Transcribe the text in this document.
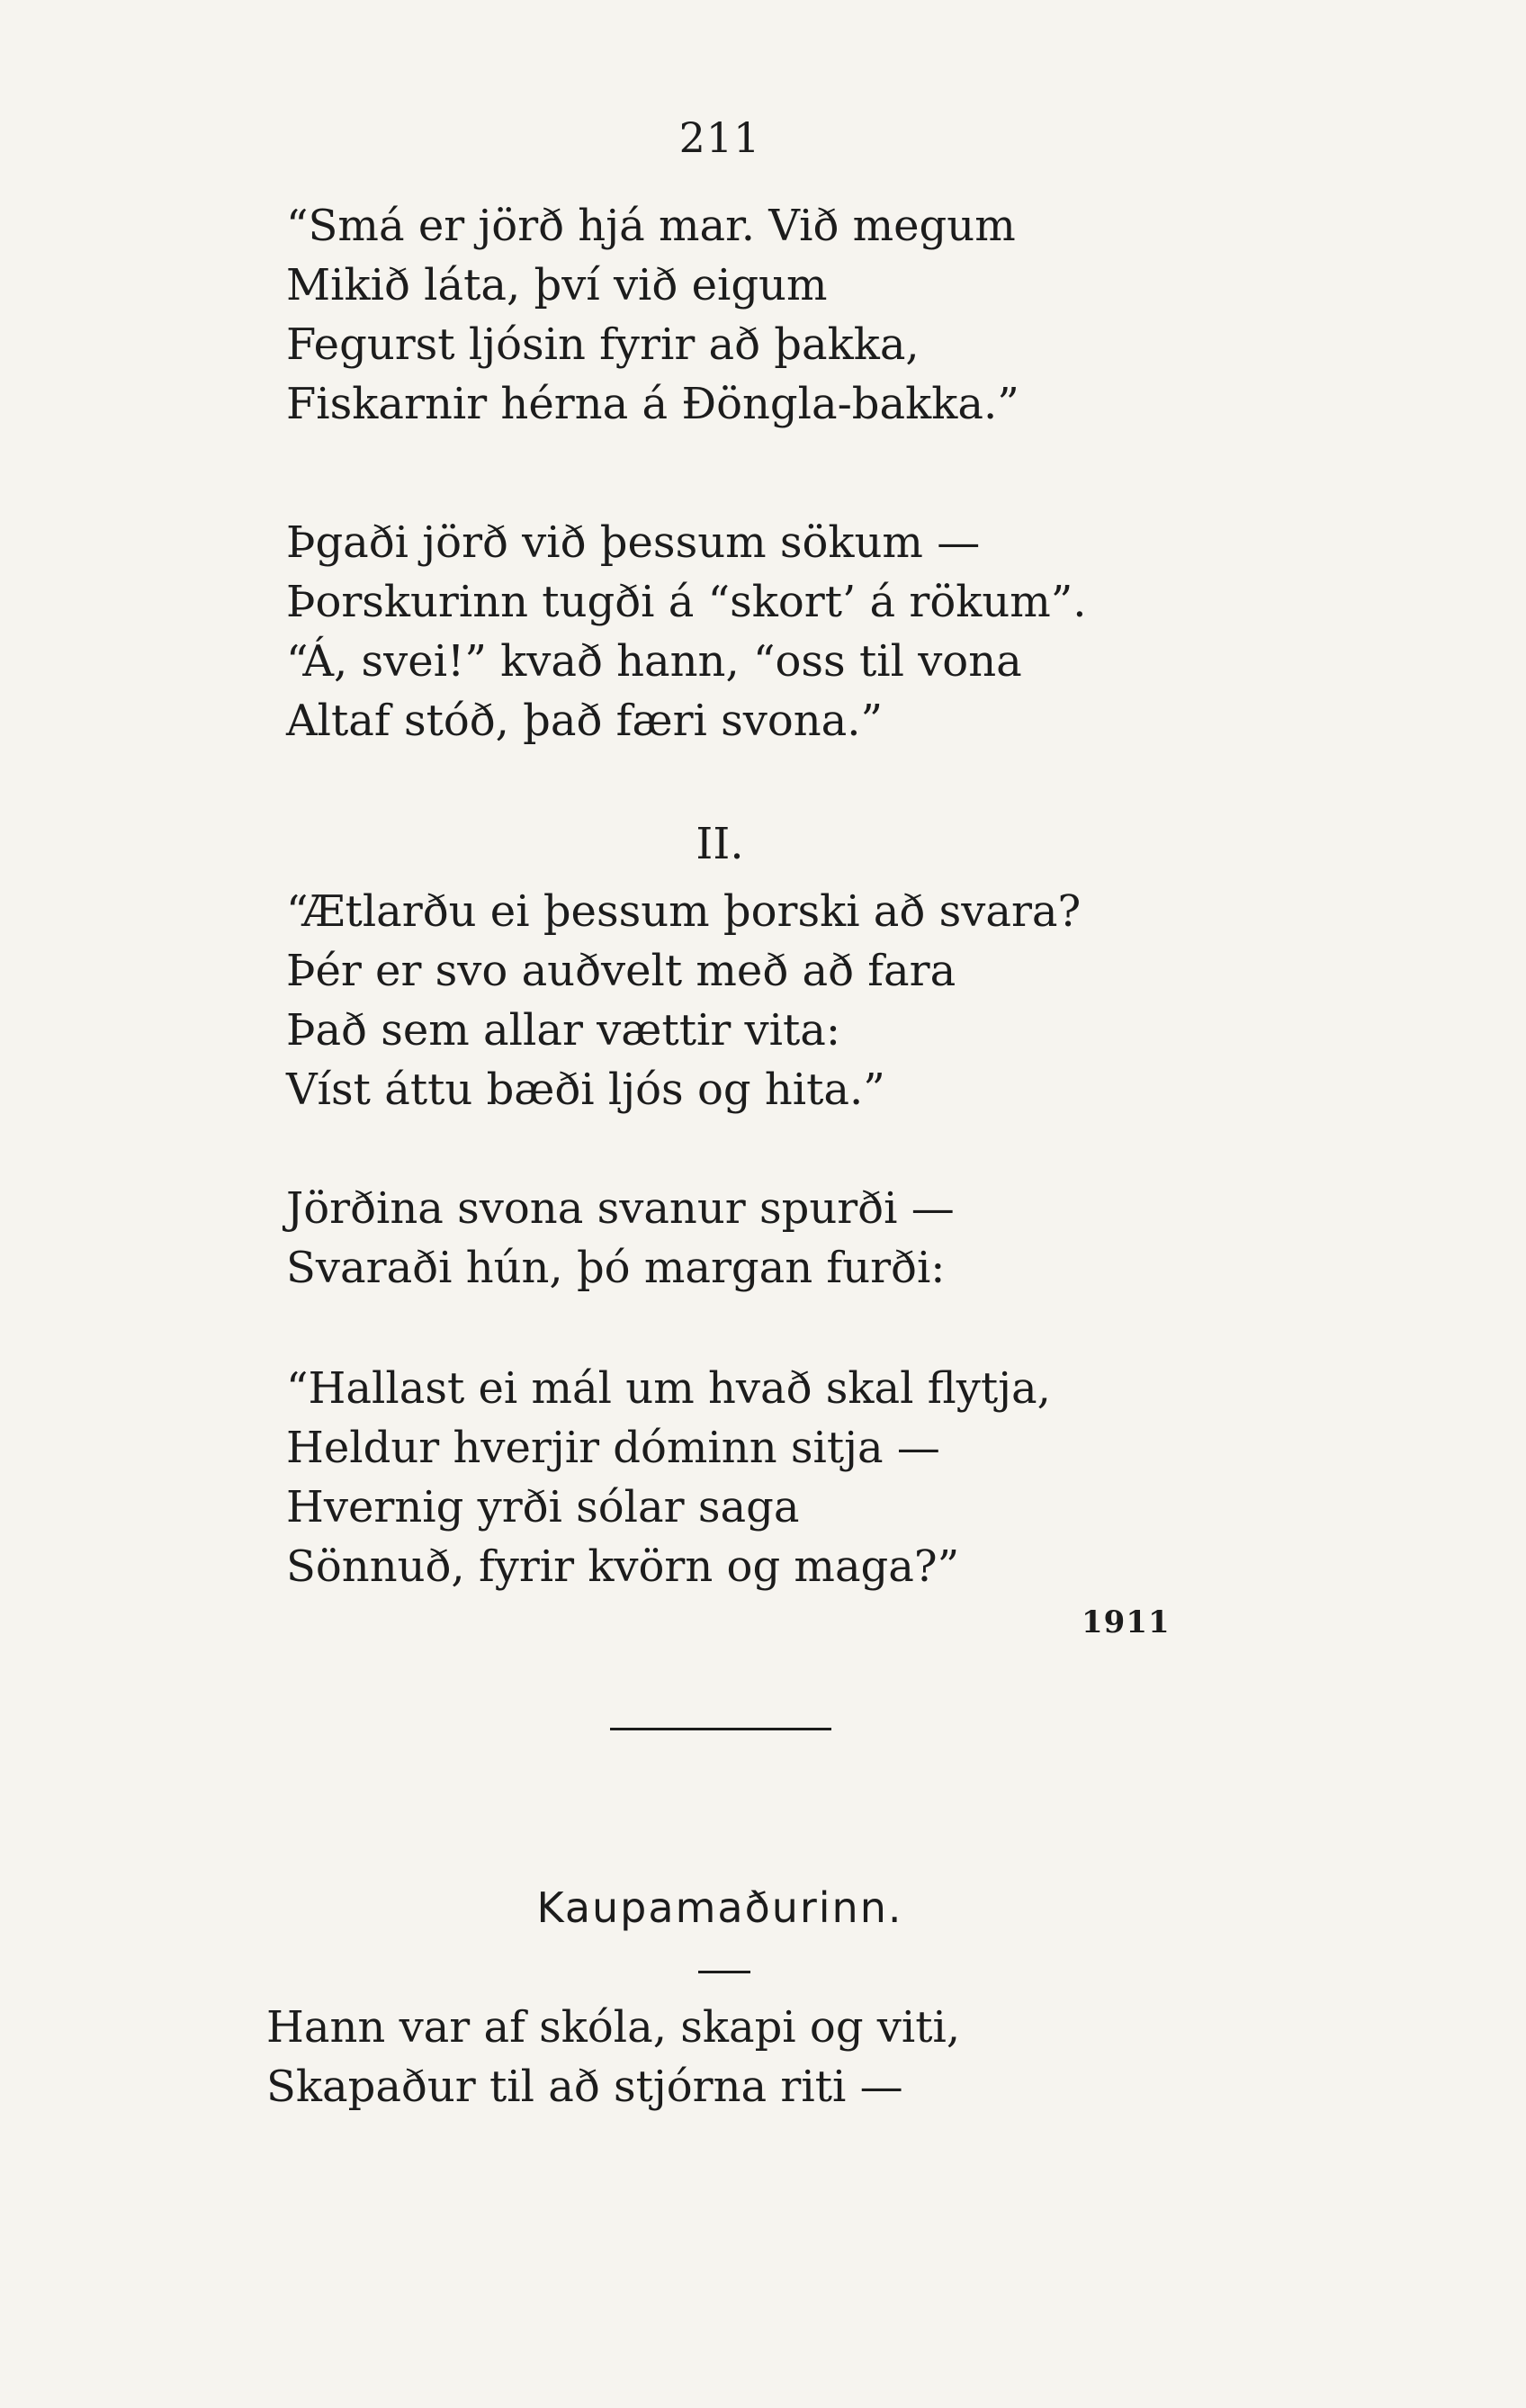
211
“Smá er jörð hjá mar. Við megum
Mikið láta, því við eigum
Fegurst ljósin fyrir að þakka,
Fiskarnir hérna á Ðöngla-bakka.”
Þgaði jörð við þessum sökum —
Þorskurinn tugði á “skort’ á rökum”.
“Á, svei!” kvað hann, “oss til vona
Altaf stóð, það færi svona.”
II.
“Ætlarðu ei þessum þorski að svara?
Þér er svo auðvelt með að fara
Það sem allar vættir vita:
Víst áttu bæði ljós og hita.”
Jörðina svona svanur spurði —
Svaraði hún, þó margan furði:
“Hallast ei mál um hvað skal flytja,
Heldur hverjir dóminn sitja —
Hvernig yrði sólar saga
Sönnuð, fyrir kvörn og maga?”
1911
Kaupamaðurinn.
Hann var af skóla, skapi og viti,
Skapaður til að stjórna riti —
